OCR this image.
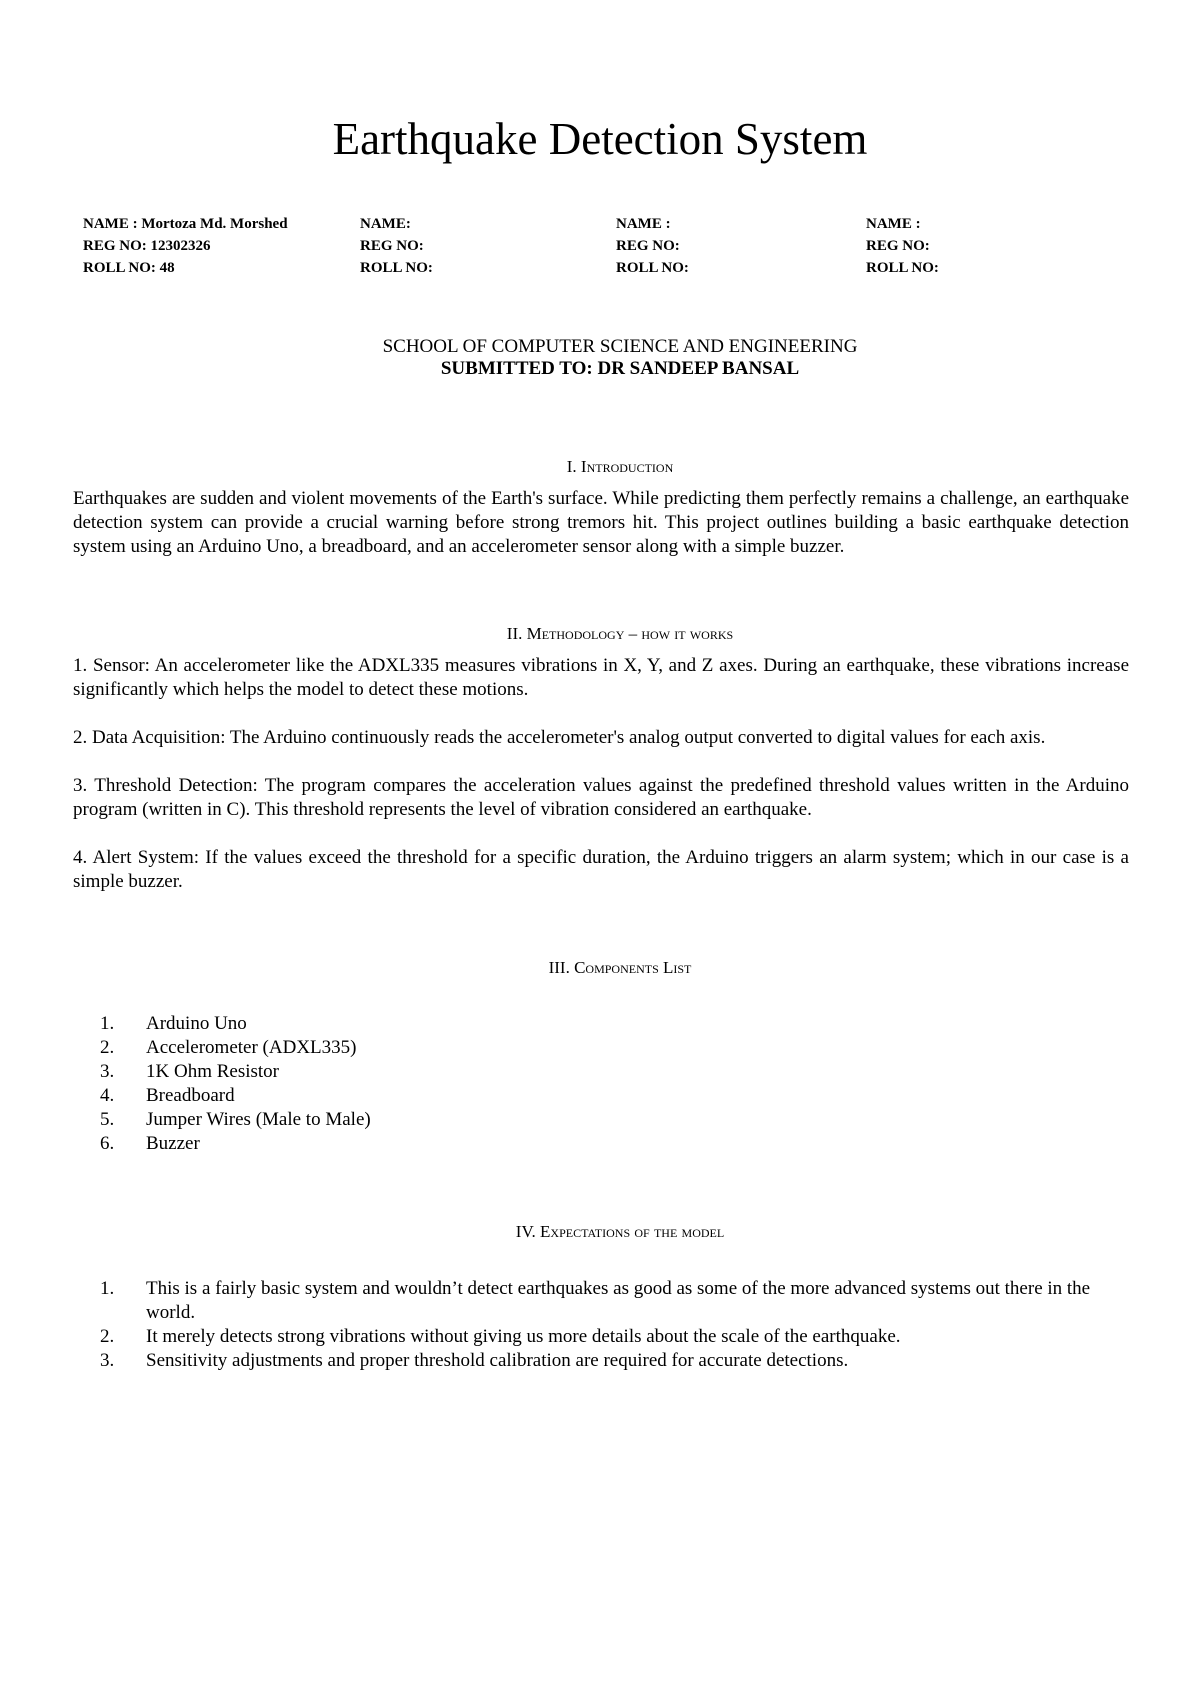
Earthquake Detection System
NAME : Mortoza Md. Morshed
REG NO: 12302326
ROLL NO: 48
NAME:
REG NO:
ROLL NO:
NAME :
REG NO:
ROLL NO:
NAME :
REG NO:
ROLL NO:
SCHOOL OF COMPUTER SCIENCE AND ENGINEERING
SUBMITTED TO: DR SANDEEP BANSAL
I. Introduction
Earthquakes are sudden and violent movements of the Earth's surface. While predicting them perfectly remains a challenge, an earthquake detection system can provide a crucial warning before strong tremors hit. This project outlines building a basic earthquake detection system using an Arduino Uno, a breadboard, and an accelerometer sensor along with a simple buzzer.
II. Methodology – how it works
1. Sensor: An accelerometer like the ADXL335 measures vibrations in X, Y, and Z axes. During an earthquake, these vibrations increase significantly which helps the model to detect these motions.
2. Data Acquisition: The Arduino continuously reads the accelerometer's analog output converted to digital values for each axis.
3. Threshold Detection: The program compares the acceleration values against the predefined threshold values written in the Arduino program (written in C). This threshold represents the level of vibration considered an earthquake.
4. Alert System: If the values exceed the threshold for a specific duration, the Arduino triggers an alarm system; which in our case is a simple buzzer.
III. Components List
1.	Arduino Uno
2.	Accelerometer (ADXL335)
3.	1K Ohm Resistor
4.	Breadboard
5.	Jumper Wires (Male to Male)
6.	Buzzer
IV. Expectations of the model
1.	This is a fairly basic system and wouldn’t detect earthquakes as good as some of the more advanced systems out there in the world.
2.	It merely detects strong vibrations without giving us more details about the scale of the earthquake.
3.	Sensitivity adjustments and proper threshold calibration are required for accurate detections.
